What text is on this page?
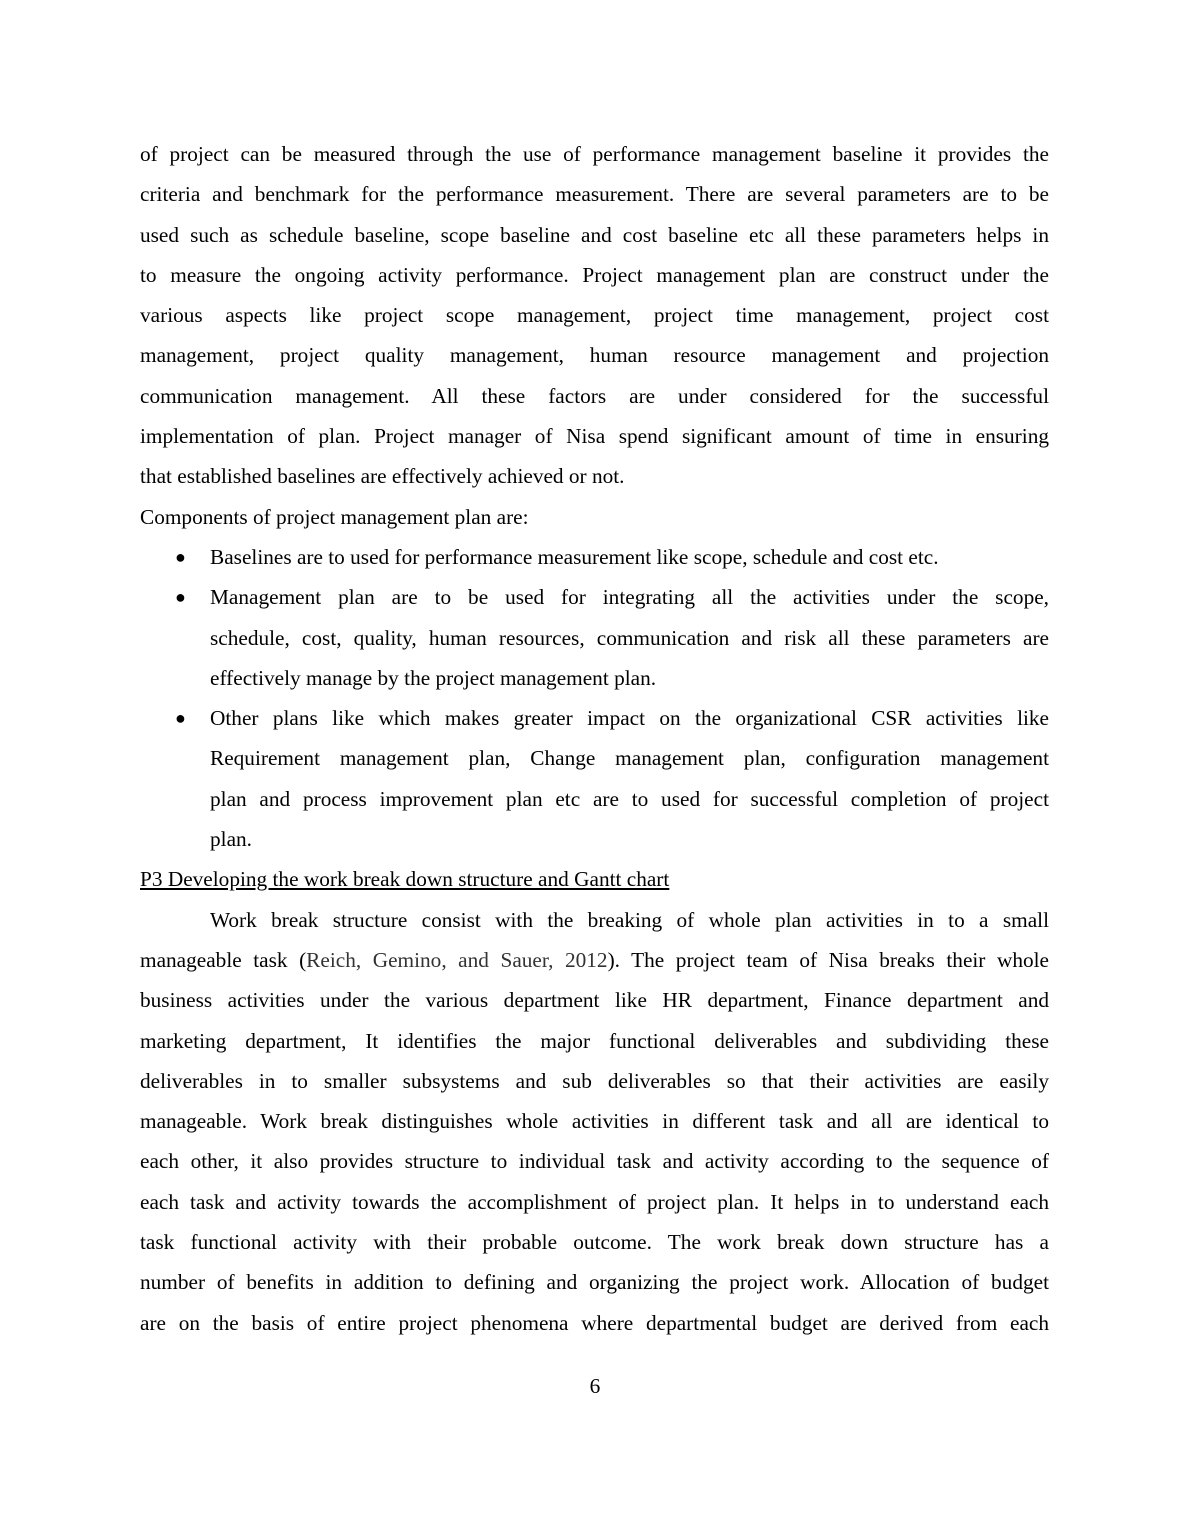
of project can be measured through the use of performance management baseline it provides the
criteria and benchmark for the performance measurement. There are several parameters are to be
used such as schedule baseline, scope baseline and cost baseline etc all these parameters helps in
to measure the ongoing activity performance. Project management plan are construct under the
various aspects like project scope management, project time management, project cost
management, project quality management, human resource management and projection
communication management. All these factors are under considered for the successful
implementation of plan. Project manager of Nisa spend significant amount of time in ensuring
that established baselines are effectively achieved or not.
Components of project management plan are:
● Baselines are to used for performance measurement like scope, schedule and cost etc.
● Management plan are to be used for integrating all the activities under the scope,
schedule, cost, quality, human resources, communication and risk all these parameters are
effectively manage by the project management plan.
● Other plans like which makes greater impact on the organizational CSR activities like
Requirement management plan, Change management plan, configuration management
plan and process improvement plan etc are to used for successful completion of project
plan.
P3 Developing the work break down structure and Gantt chart
Work break structure consist with the breaking of whole plan activities in to a small
manageable task (Reich, Gemino, and Sauer, 2012). The project team of Nisa breaks their whole
business activities under the various department like HR department, Finance department and
marketing department, It identifies the major functional deliverables and subdividing these
deliverables in to smaller subsystems and sub deliverables so that their activities are easily
manageable. Work break distinguishes whole activities in different task and all are identical to
each other, it also provides structure to individual task and activity according to the sequence of
each task and activity towards the accomplishment of project plan. It helps in to understand each
task functional activity with their probable outcome. The work break down structure has a
number of benefits in addition to defining and organizing the project work. Allocation of budget
are on the basis of entire project phenomena where departmental budget are derived from each
6
